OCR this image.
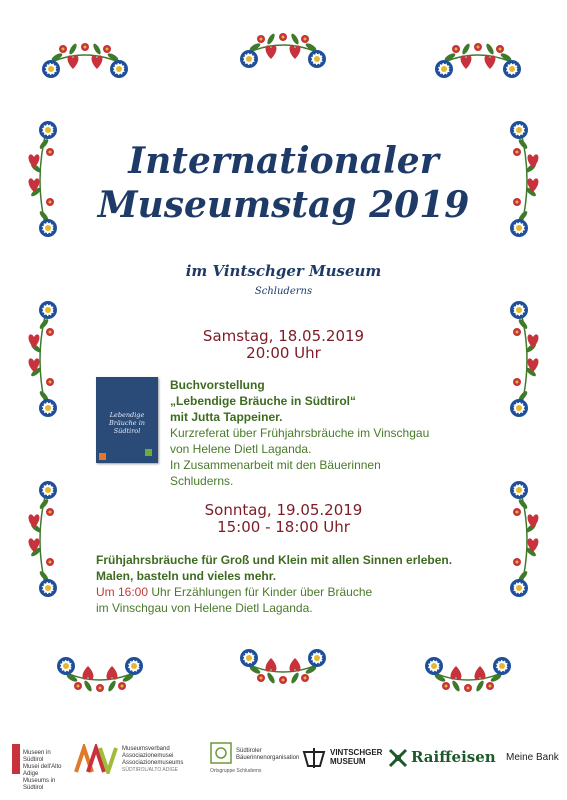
Internationaler
Museumstag 2019
im Vintschger Museum
Schluderns
Samstag, 18.05.2019
20:00 Uhr
Lebendige Bräuche in Südtirol
Buchvorstellung
„Lebendige Bräuche in Südtirol“
mit Jutta Tappeiner.
Kurzreferat über Frühjahrsbräuche im Vinschgau
von Helene Dietl Laganda.
In Zusammenarbeit mit den Bäuerinnen
Schluderns.
Sonntag, 19.05.2019
15:00 - 18:00 Uhr
Frühjahrsbräuche für Groß und Klein mit allen Sinnen erleben.
Malen, basteln und vieles mehr.
Um 16:00 Uhr Erzählungen für Kinder über Bräuche
im Vinschgau von Helene Dietl Laganda.
Museen in Südtirol
Musei dell'Alto Adige
Museums in Südtirol
Museumsverband
Associazionemusei
Associazionemuseums
SÜDTIROL/ALTO ADIGE
Südtiroler
Bäuerinnenorganisation
Ortsgruppe Schluderns
VINTSCHGER
MUSEUM	Raiffeisen Meine Bank
